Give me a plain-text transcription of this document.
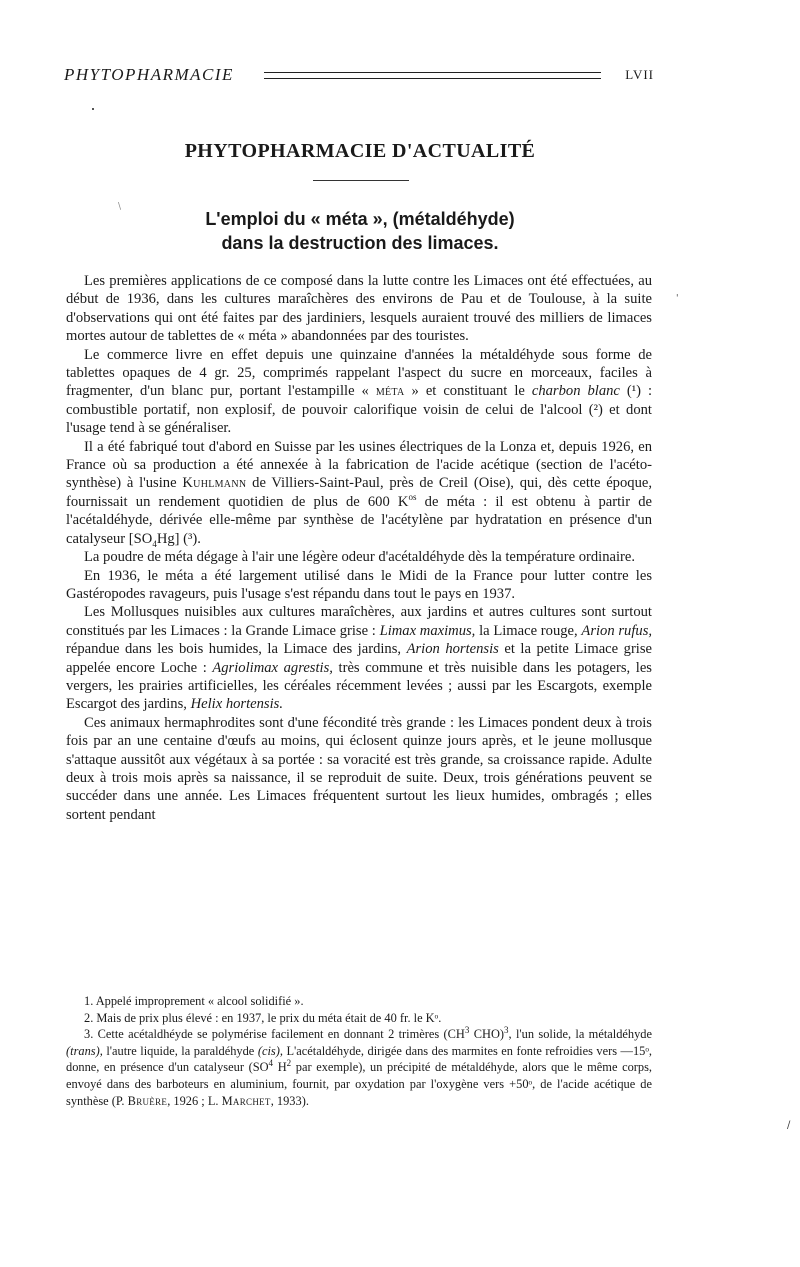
PHYTOPHARMACIE	LVII
\
PHYTOPHARMACIE D'ACTUALITÉ
L'emploi du « méta », (métaldéhyde)
dans la destruction des limaces.
'

Les premières applications de ce composé dans la lutte contre les Limaces ont été effectuées, au début de 1936, dans les cultures maraîchères des environs de Pau et de Toulouse, à la suite d'observations qui ont été faites par des jardiniers, lesquels auraient trouvé des milliers de limaces mortes autour de tablettes de « méta » abandonnées par des touristes.

Le commerce livre en effet depuis une quinzaine d'années la métaldéhyde sous forme de tablettes opaques de 4 gr. 25, comprimés rappelant l'aspect du sucre en morceaux, faciles à fragmenter, d'un blanc pur, portant l'estampille « méta » et constituant le charbon blanc (¹) : combustible portatif, non explosif, de pouvoir calorifique voisin de celui de l'alcool (²) et dont l'usage tend à se généraliser.

Il a été fabriqué tout d'abord en Suisse par les usines électriques de la Lonza et, depuis 1926, en France où sa production a été annexée à la fabrication de l'acide acétique (section de l'acéto-synthèse) à l'usine Kuhlmann de Villiers-Saint-Paul, près de Creil (Oise), qui, dès cette époque, fournissait un rendement quotidien de plus de 600 $K^{os}$ de méta : il est obtenu à partir de l'acétaldéhyde, dérivée elle-même par synthèse de l'acétylène par hydratation en présence d'un catalyseur $[SO_4Hg]$ (³).

La poudre de méta dégage à l'air une légère odeur d'acétaldéhyde dès la température ordinaire.

En 1936, le méta a été largement utilisé dans le Midi de la France pour lutter contre les Gastéropodes ravageurs, puis l'usage s'est répandu dans tout le pays en 1937.

Les Mollusques nuisibles aux cultures maraîchères, aux jardins et autres cultures sont surtout constitués par les Limaces : la Grande Limace grise : Limax maximus, la Limace rouge, Arion rufus, répandue dans les bois humides, la Limace des jardins, Arion hortensis et la petite Limace grise appelée encore Loche : Agriolimax agrestis, très commune et très nuisible dans les potagers, les vergers, les prairies artificielles, les céréales récemment levées ; aussi par les Escargots, exemple Escargot des jardins, Helix hortensis.

Ces animaux hermaphrodites sont d'une fécondité très grande : les Limaces pondent deux à trois fois par an une centaine d'œufs au moins, qui éclosent quinze jours après, et le jeune mollusque s'attaque aussitôt aux végétaux à sa portée : sa voracité est très grande, sa croissance rapide. Adulte deux à trois mois après sa naissance, il se reproduit de suite. Deux, trois générations peuvent se succéder dans une année. Les Limaces fréquentent surtout les lieux humides, ombragés ; elles sortent pendant

1. Appelé improprement « alcool solidifié ».

2. Mais de prix plus élevé : en 1937, le prix du méta était de 40 fr. le Kᵒ.

3. Cette acétaldhéyde se polymérise facilement en donnant 2 trimères ($CH^3$ CHO)$^3$, l'un solide, la métaldéhyde (trans), l'autre liquide, la paraldéhyde (cis), L'acétaldéhyde, dirigée dans des marmites en fonte refroidies vers —15ᵒ, donne, en présence d'un catalyseur ($SO^4$ $H^2$ par exemple), un précipité de métaldéhyde, alors que le même corps, envoyé dans des barboteurs en aluminium, fournit, par oxydation par l'oxygène vers +50ᵒ, de l'acide acétique de synthèse (P. Bruère, 1926 ; L. Marchet, 1933).

/
